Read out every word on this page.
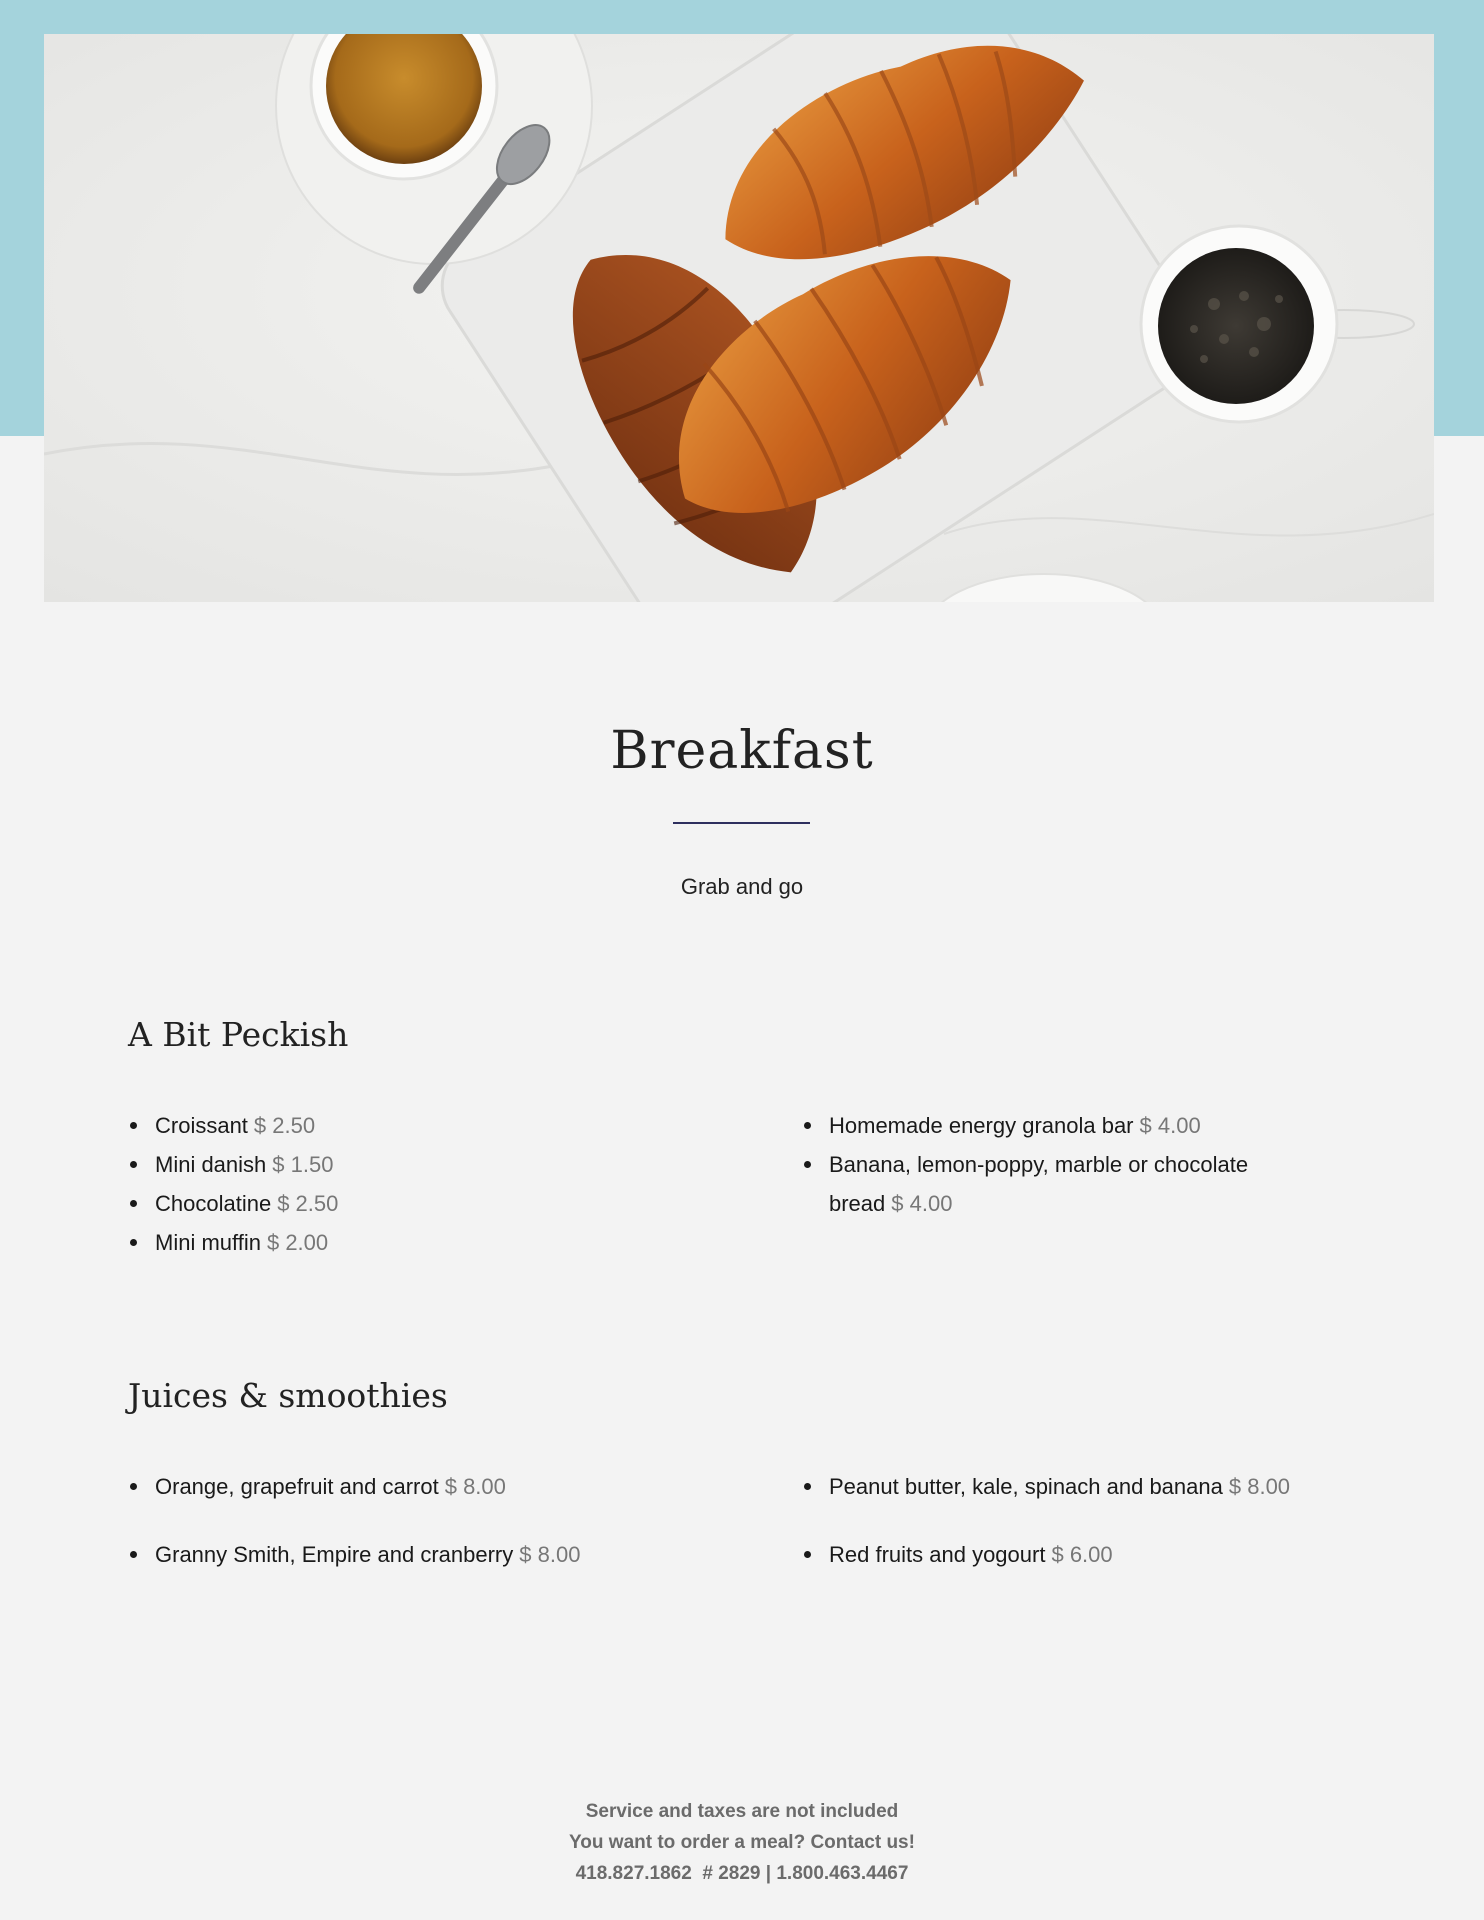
Breakfast
Grab and go
A Bit Peckish
Croissant $ 2.50
Mini danish $ 1.50
Chocolatine $ 2.50
Mini muffin $ 2.00
Homemade energy granola bar $ 4.00
Banana, lemon-poppy, marble or chocolate bread $ 4.00
Juices & smoothies
Orange, grapefruit and carrot $ 8.00
Granny Smith, Empire and cranberry $ 8.00
Peanut butter, kale, spinach and banana $ 8.00
Red fruits and yogourt $ 6.00
Service and taxes are not included
You want to order a meal? Contact us!
418.827.1862  # 2829 | 1.800.463.4467
